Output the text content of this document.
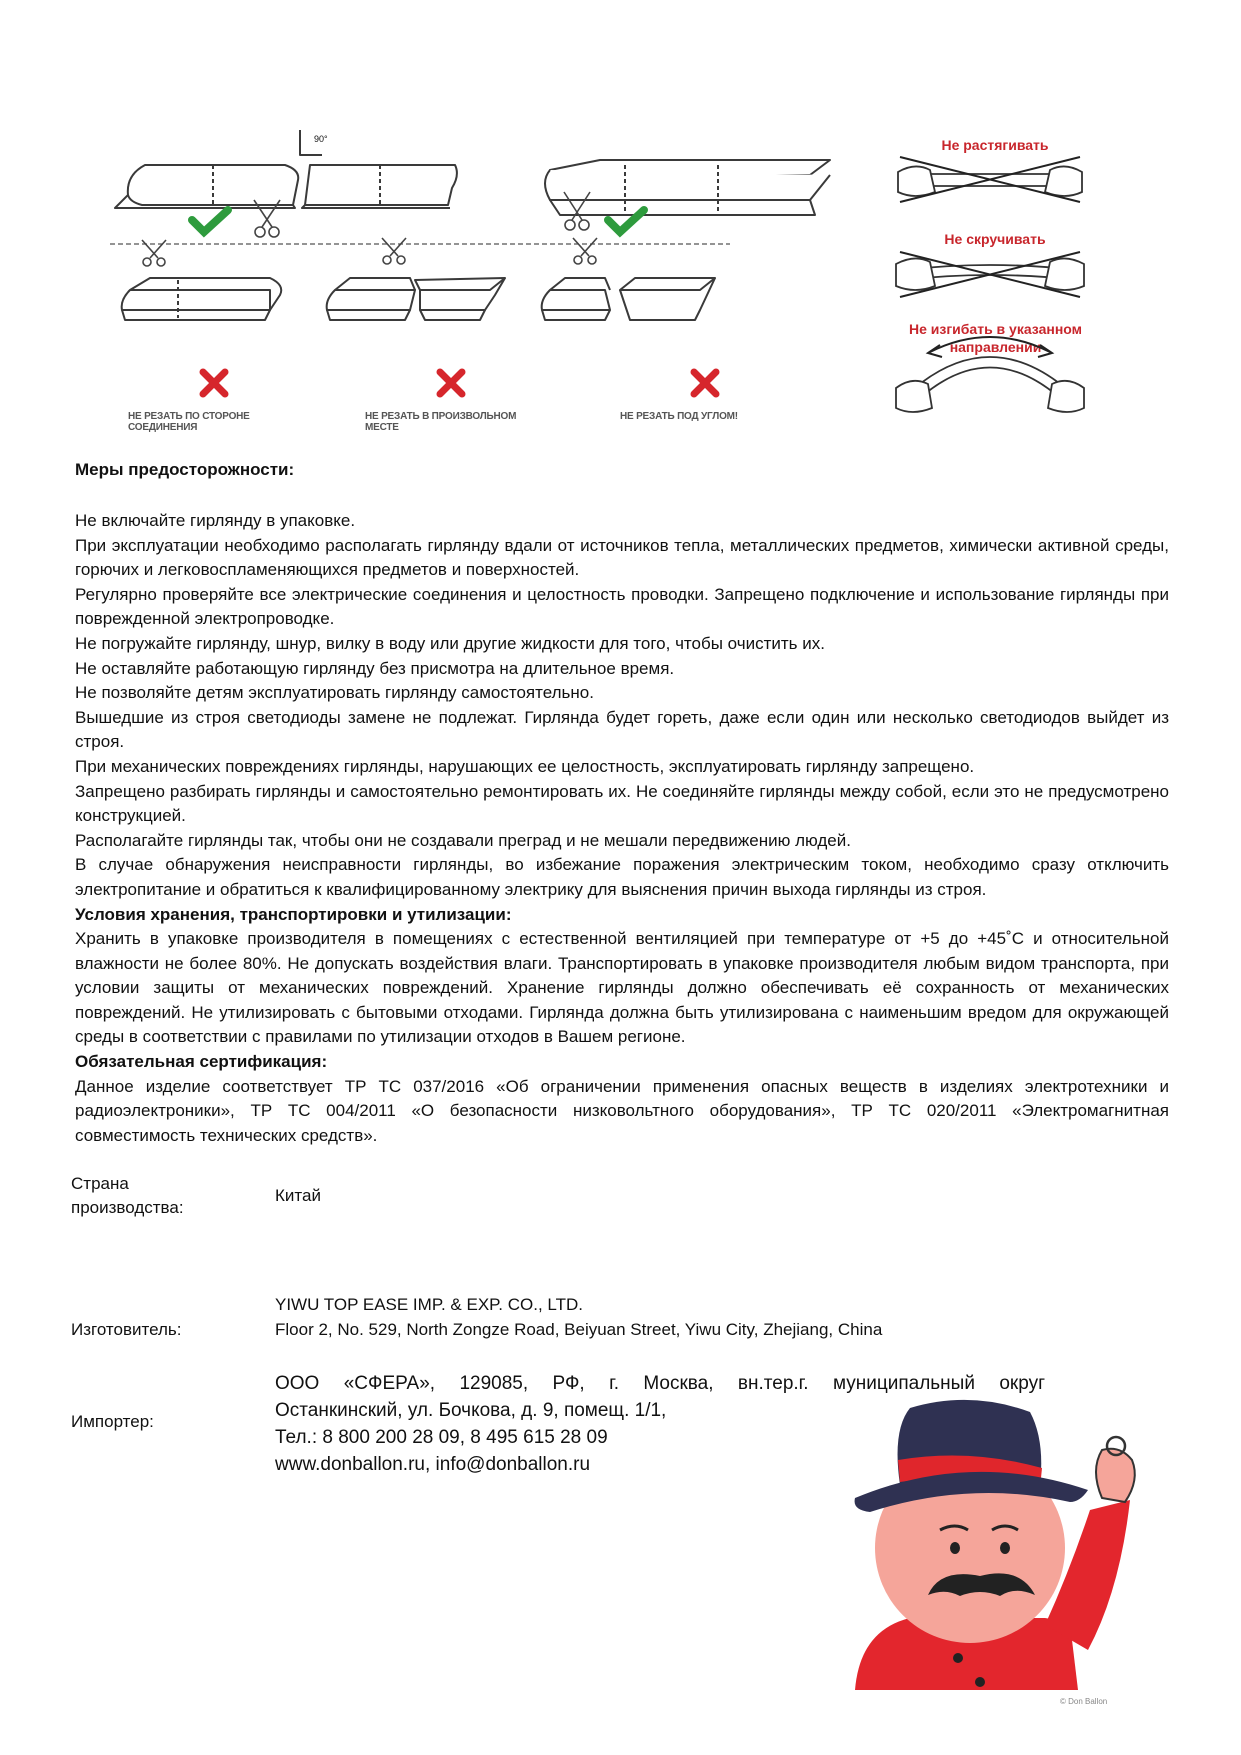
90°
НЕ РЕЗАТЬ ПО СТОРОНЕ СОЕДИНЕНИЯ
НЕ РЕЗАТЬ В ПРОИЗВОЛЬНОМ МЕСТЕ
НЕ РЕЗАТЬ ПОД УГЛОМ!
Не растягивать
Не скручивать
Не изгибать в указанном направлении
Меры предосторожности:

Не включайте гирлянду в упаковке.

При эксплуатации необходимо располагать гирлянду вдали от источников тепла, металлических предметов, химически активной среды, горючих и легковоспламеняющихся предметов и поверхностей.

Регулярно проверяйте все электрические соединения и целостность проводки. Запрещено подключение и использование гирлянды при поврежденной электропроводке.

Не погружайте гирлянду, шнур, вилку в воду или другие жидкости для того, чтобы очистить их.

Не оставляйте работающую гирлянду без присмотра на длительное время.

Не позволяйте детям эксплуатировать гирлянду самостоятельно.

Вышедшие из строя светодиоды замене не подлежат. Гирлянда будет гореть, даже если один или несколько светодиодов выйдет из строя.

При механических повреждениях гирлянды, нарушающих ее целостность, эксплуатировать гирлянду запрещено.

Запрещено разбирать гирлянды и самостоятельно ремонтировать их. Не соединяйте гирлянды между собой, если это не предусмотрено конструкцией.

Располагайте гирлянды так, чтобы они не создавали преград и не мешали передвижению людей.

В случае обнаружения неисправности гирлянды, во избежание поражения электрическим током, необходимо сразу отключить электропитание и обратиться к квалифицированному электрику для выяснения причин выхода гирлянды из строя.

Условия хранения, транспортировки и утилизации:

Хранить в упаковке производителя в помещениях с естественной вентиляцией при температуре от +5 до +45˚С и относительной влажности не более 80%. Не допускать воздействия влаги. Транспортировать в упаковке производителя любым видом транспорта, при условии защиты от механических повреждений. Хранение гирлянды должно обеспечивать её сохранность от механических повреждений. Не утилизировать с бытовыми отходами. Гирлянда должна быть утилизирована с наименьшим вредом для окружающей среды в соответствии с правилами по утилизации отходов в Вашем регионе.

Обязательная сертификация:

Данное изделие соответствует ТР ТС 037/2016 «Об ограничении применения опасных веществ в изделиях электротехники и радиоэлектроники», ТР ТС 004/2011 «О безопасности низковольтного оборудования», ТР ТС 020/2011 «Электромагнитная совместимость технических средств».

Страна
производства:
Китай
Изготовитель:
YIWU TOP EASE IMP. & EXP. CO., LTD.
Floor 2, No. 529, North Zongze Road, Beiyuan Street, Yiwu City, Zhejiang, China
Импортер:
ООО «СФЕРА», 129085, РФ, г. Москва, вн.тер.г. муниципальный округ
Останкинский, ул. Бочкова, д. 9, помещ. 1/1,
Тел.: 8 800 200 28 09, 8 495 615 28 09
www.donballon.ru, info@donballon.ru
© Don Ballon
